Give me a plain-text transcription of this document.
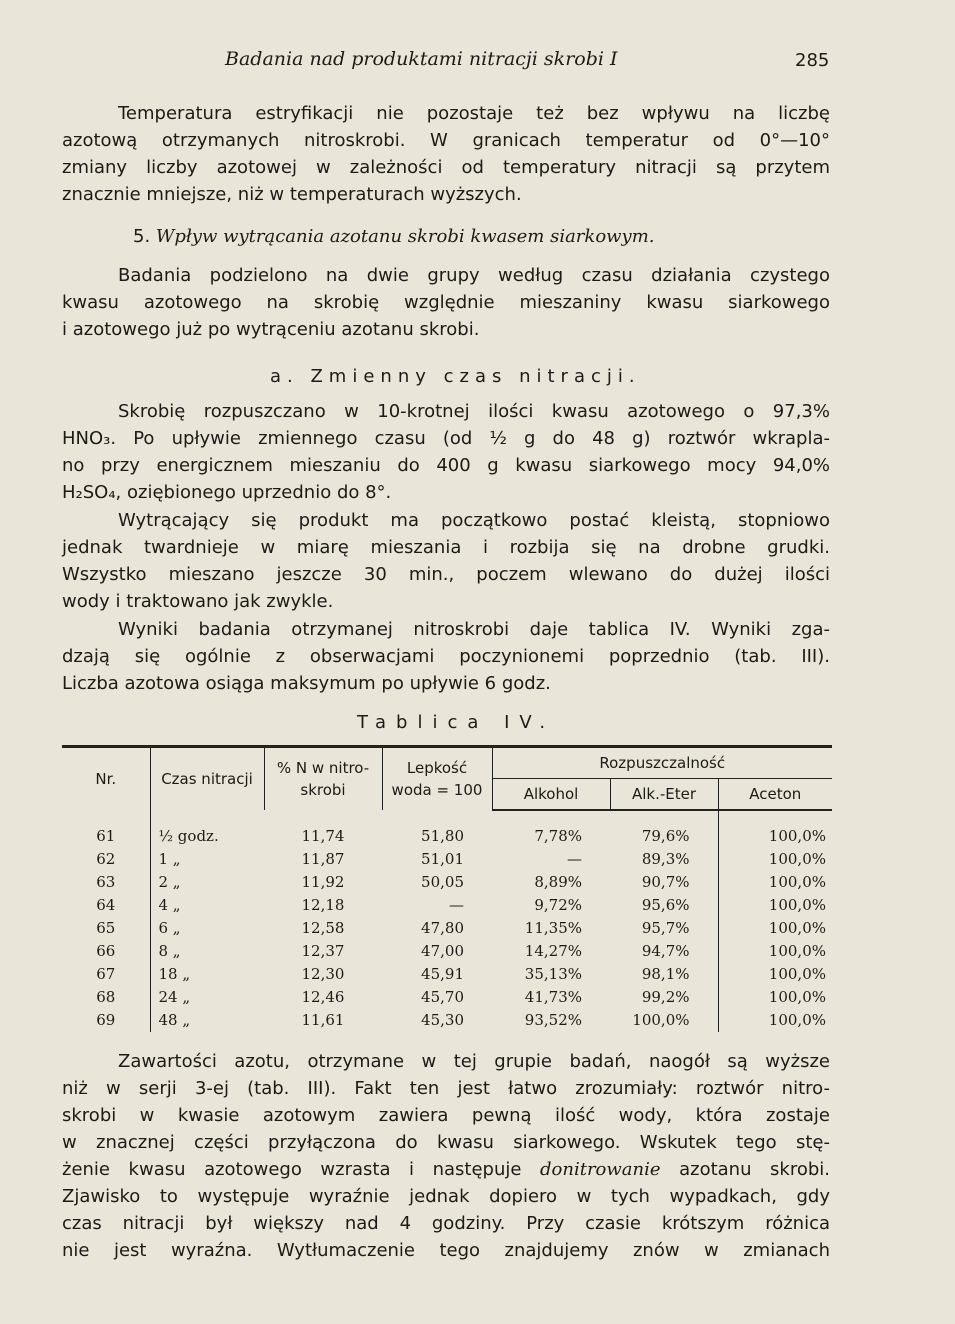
Badania nad produktami nitracji skrobi I	285
Temperatura estryfikacji nie pozostaje też bez wpływu na liczbę
azotową otrzymanych nitroskrobi. W granicach temperatur od 0°—10°
zmiany liczby azotowej w zależności od temperatury nitracji są przytem
znacznie mniejsze, niż w temperaturach wyższych.
5. Wpływ wytrącania azotanu skrobi kwasem siarkowym.
Badania podzielono na dwie grupy według czasu działania czystego
kwasu azotowego na skrobię względnie mieszaniny kwasu siarkowego
i azotowego już po wytrąceniu azotanu skrobi.
a. Zmienny czas nitracji.
Skrobię rozpuszczano w 10-krotnej ilości kwasu azotowego o 97,3%
HNO₃. Po upływie zmiennego czasu (od ½ g do 48 g) roztwór wkrapla-
no przy energicznem mieszaniu do 400 g kwasu siarkowego mocy 94,0%
H₂SO₄, oziębionego uprzednio do 8°.
Wytrącający się produkt ma początkowo postać kleistą, stopniowo
jednak twardnieje w miarę mieszania i rozbija się na drobne grudki.
Wszystko mieszano jeszcze 30 min., poczem wlewano do dużej ilości
wody i traktowano jak zwykle.
Wyniki badania otrzymanej nitroskrobi daje tablica IV. Wyniki zga-
dzają się ogólnie z obserwacjami poczynionemi poprzednio (tab. III).
Liczba azotowa osiąga maksymum po upływie 6 godz.
Tablica IV.
Nr.	Czas nitracji	% N w nitro- skrobi	Lepkość woda = 100	Rozpuszczalność		
				Alkohol	Alk.-Eter	Aceton
61	½ godz.	11,74	51,80	7,78%	79,6%	100,0%
62	1 „	11,87	51,01	—	89,3%	100,0%
63	2 „	11,92	50,05	8,89%	90,7%	100,0%
64	4 „	12,18	—	9,72%	95,6%	100,0%
65	6 „	12,58	47,80	11,35%	95,7%	100,0%
66	8 „	12,37	47,00	14,27%	94,7%	100,0%
67	18 „	12,30	45,91	35,13%	98,1%	100,0%
68	24 „	12,46	45,70	41,73%	99,2%	100,0%
69	48 „	11,61	45,30	93,52%	100,0%	100,0%
Zawartości azotu, otrzymane w tej grupie badań, naogół są wyższe
niż w serji 3-ej (tab. III). Fakt ten jest łatwo zrozumiały: roztwór nitro-
skrobi w kwasie azotowym zawiera pewną ilość wody, która zostaje
w znacznej części przyłączona do kwasu siarkowego. Wskutek tego stę-
żenie kwasu azotowego wzrasta i następuje donitrowanie azotanu skrobi.
Zjawisko to występuje wyraźnie jednak dopiero w tych wypadkach, gdy
czas nitracji był większy nad 4 godziny. Przy czasie krótszym różnica
nie jest wyraźna. Wytłumaczenie tego znajdujemy znów w zmianach
